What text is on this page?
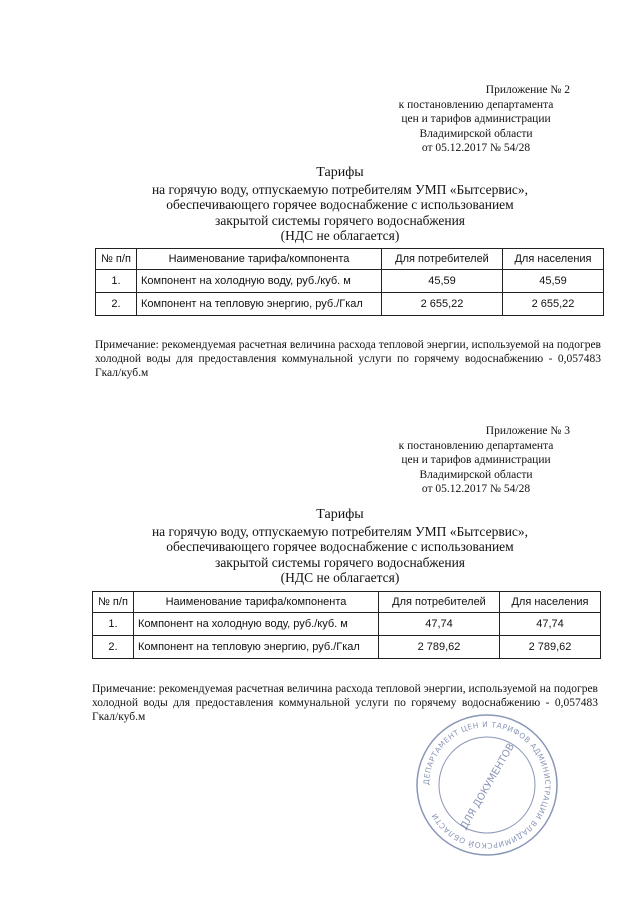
Приложение № 2
к постановлению департамента
цен и тарифов администрации
Владимирской области
от 05.12.2017 № 54/28
Тарифы
на горячую воду, отпускаемую потребителям УМП «Бытсервис»,
обеспечивающего горячее водоснабжение с использованием
закрытой системы горячего водоснабжения
(НДС не облагается)
№ п/п	Наименование тарифа/компонента	Для потребителей	Для населения
1.	Компонент на холодную воду, руб./куб. м	45,59	45,59
2.	Компонент на тепловую энергию, руб./Гкал	2 655,22	2 655,22
Примечание: рекомендуемая расчетная величина расхода тепловой энергии, используемой на подогрев холодной воды для предоставления коммунальной услуги по горячему водоснабжению - 0,057483 Гкал/куб.м
Приложение № 3
к постановлению департамента
цен и тарифов администрации
Владимирской области
от 05.12.2017 № 54/28
Тарифы
на горячую воду, отпускаемую потребителям УМП «Бытсервис»,
обеспечивающего горячее водоснабжение с использованием
закрытой системы горячего водоснабжения
(НДС не облагается)
№ п/п	Наименование тарифа/компонента	Для потребителей	Для населения
1.	Компонент на холодную воду, руб./куб. м	47,74	47,74
2.	Компонент на тепловую энергию, руб./Гкал	2 789,62	2 789,62
Примечание: рекомендуемая расчетная величина расхода тепловой энергии, используемой на подогрев холодной воды для предоставления коммунальной услуги по горячему водоснабжению - 0,057483 Гкал/куб.м
ДЕПАРТАМЕНТ ЦЕН И ТАРИФОВ АДМИНИСТРАЦИИ ВЛАДИМИРСКОЙ ОБЛАСТИ	ДЛЯ ДОКУМЕНТОВ
